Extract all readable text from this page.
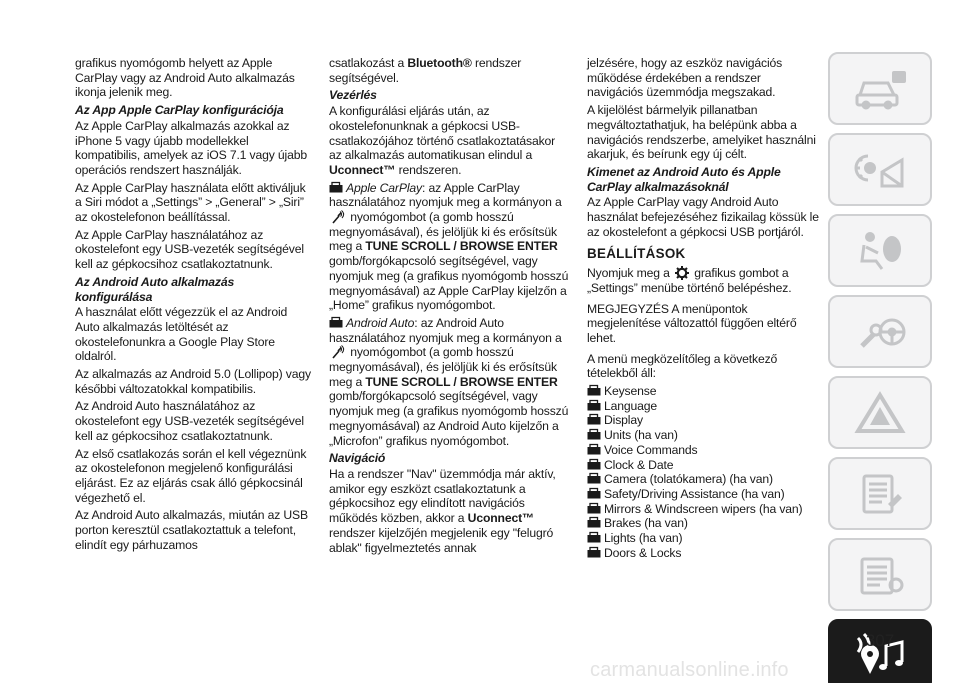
grafikus nyomógomb helyett az Apple CarPlay vagy az Android Auto alkalmazás ikonja jelenik meg.

Az App Apple CarPlay konfigurációja

Az Apple CarPlay alkalmazás azokkal az iPhone 5 vagy újabb modellekkel kompatibilis, amelyek az iOS 7.1 vagy újabb operációs rendszert használják.

Az Apple CarPlay használata előtt aktiváljuk a Siri módot a „Settings” > „General” > „Siri” az okostelefonon beállítással.

Az Apple CarPlay használatához az okostelefont egy USB-vezeték segítségével kell az gépkocsihoz csatlakoztatnunk.

Az Android Auto alkalmazás konfigurálása

A használat előtt végezzük el az Android Auto alkalmazás letöltését az okostelefonunkra a Google Play Store oldalról.

Az alkalmazás az Android 5.0 (Lollipop) vagy későbbi változatokkal kompatibilis.

Az Android Auto használatához az okostelefont egy USB-vezeték segítségével kell az gépkocsihoz csatlakoztatnunk.

Az első csatlakozás során el kell végeznünk az okostelefonon megjelenő konfigurálási eljárást. Ez az eljárás csak álló gépkocsinál végezhető el.

Az Android Auto alkalmazás, miután az USB porton keresztül csatlakoztattuk a telefont, elindít egy párhuzamos

csatlakozást a Bluetooth® rendszer segítségével.

Vezérlés

A konfigurálási eljárás után, az okostelefonunknak a gépkocsi USB-csatlakozójához történő csatlakoztatásakor az alkalmazás automatikusan elindul a Uconnect™ rendszeren.

Apple CarPlay: az Apple CarPlay használatához nyomjuk meg a kormányon a  nyomógombot (a gomb hosszú megnyomásával), és jelöljük ki és erősítsük meg a TUNE SCROLL / BROWSE ENTER gomb/forgókapcsoló segítségével, vagy nyomjuk meg (a grafikus nyomógomb hosszú megnyomásával) az Apple CarPlay kijelzőn a „Home” grafikus nyomógombot.

Android Auto: az Android Auto használatához nyomjuk meg a kormányon a  nyomógombot (a gomb hosszú megnyomásával), és jelöljük ki és erősítsük meg a TUNE SCROLL / BROWSE ENTER gomb/forgókapcsoló segítségével, vagy nyomjuk meg (a grafikus nyomógomb hosszú megnyomásával) az Android Auto kijelzőn a „Microfon” grafikus nyomógombot.

Navigáció

Ha a rendszer "Nav" üzemmódja már aktív, amikor egy eszközt csatlakoztatunk a gépkocsihoz egy elindított navigációs működés közben, akkor a Uconnect™ rendszer kijelzőjén megjelenik egy "felugró ablak" figyelmeztetés annak

jelzésére, hogy az eszköz navigációs működése érdekében a rendszer navigációs üzemmódja megszakad.

A kijelölést bármelyik pillanatban megváltoztathatjuk, ha belépünk abba a navigációs rendszerbe, amelyiket használni akarjuk, és beírunk egy új célt.

Kimenet az Android Auto és Apple CarPlay alkalmazásoknál

Az Apple CarPlay vagy Android Auto használat befejezéséhez fizikailag kössük le az okostelefont a gépkocsi USB portjáról.

BEÁLLÍTÁSOK

Nyomjuk meg a  grafikus gombot a „Settings” menübe történő belépéshez.

MEGJEGYZÉS A menüpontok megjelenítése változattól függően eltérő lehet.

A menü megközelítőleg a következő tételekből áll:

Keysense
Language
Display
Units (ha van)
Voice Commands
Clock & Date
Camera (tolatókamera) (ha van)
Safety/Driving Assistance (ha van)
Mirrors & Windscreen wipers (ha van)
Brakes (ha van)
Lights (ha van)
Doors & Locks
307
carmanualsonline.info
